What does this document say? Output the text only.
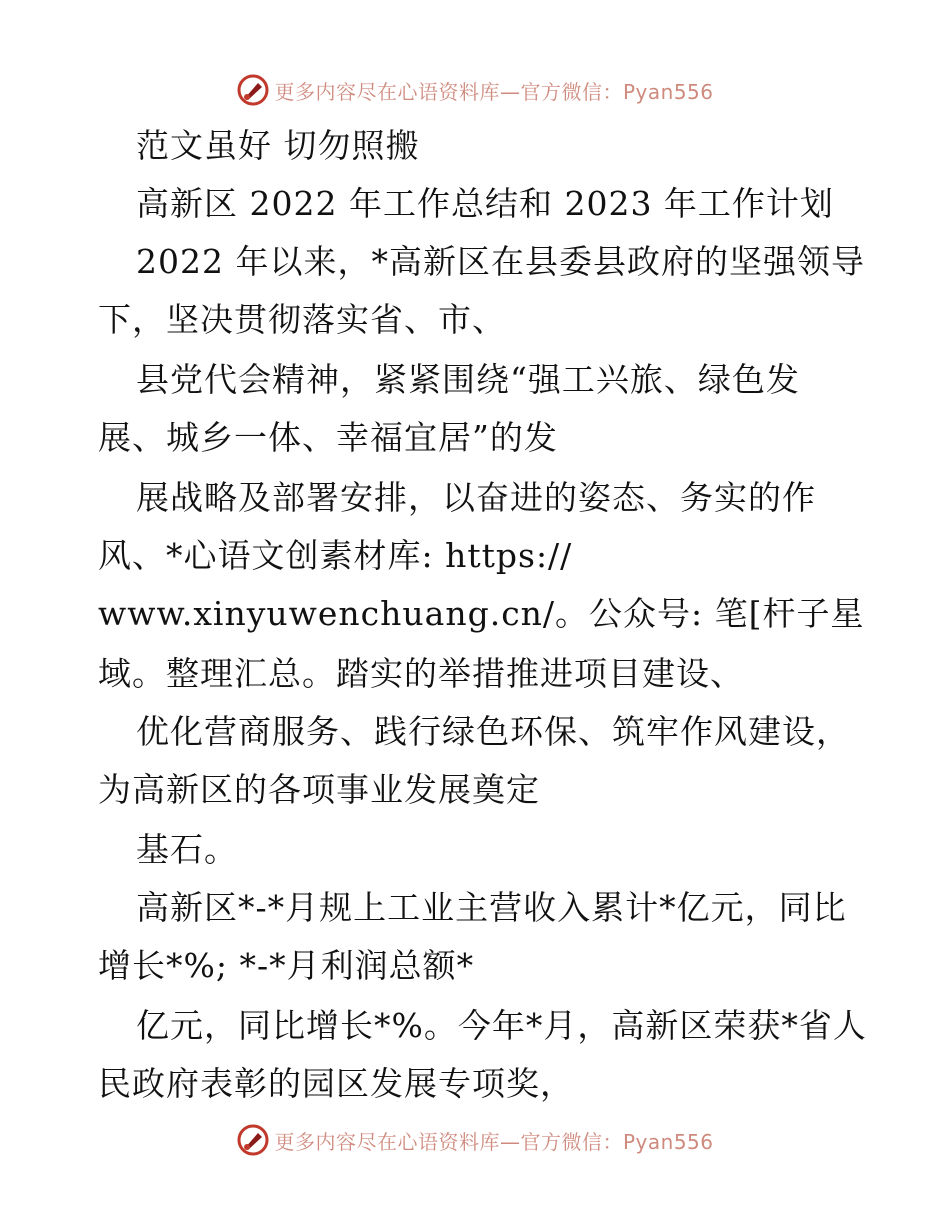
更多内容尽在心语资料库—官方微信：Pyan556
范文虽好 切勿照搬
高新区 2022 年工作总结和 2023 年工作计划
2022 年以来，*高新区在县委县政府的坚强领导
下，坚决贯彻落实省、市、
县党代会精神，紧紧围绕“强工兴旅、绿色发
展、城乡一体、幸福宜居”的发
展战略及部署安排，以奋进的姿态、务实的作
风、*心语文创素材库: https://
www.xinyuwenchuang.cn/。公众号: 笔[杆子星
域。整理汇总。踏实的举措推进项目建设、
优化营商服务、践行绿色环保、筑牢作风建设，
为高新区的各项事业发展奠定
基石。
高新区*-*月规上工业主营收入累计*亿元，同比
增长*%; *-*月利润总额*
亿元，同比增长*%。今年*月，高新区荣获*省人
民政府表彰的园区发展专项奖，
更多内容尽在心语资料库—官方微信：Pyan556
